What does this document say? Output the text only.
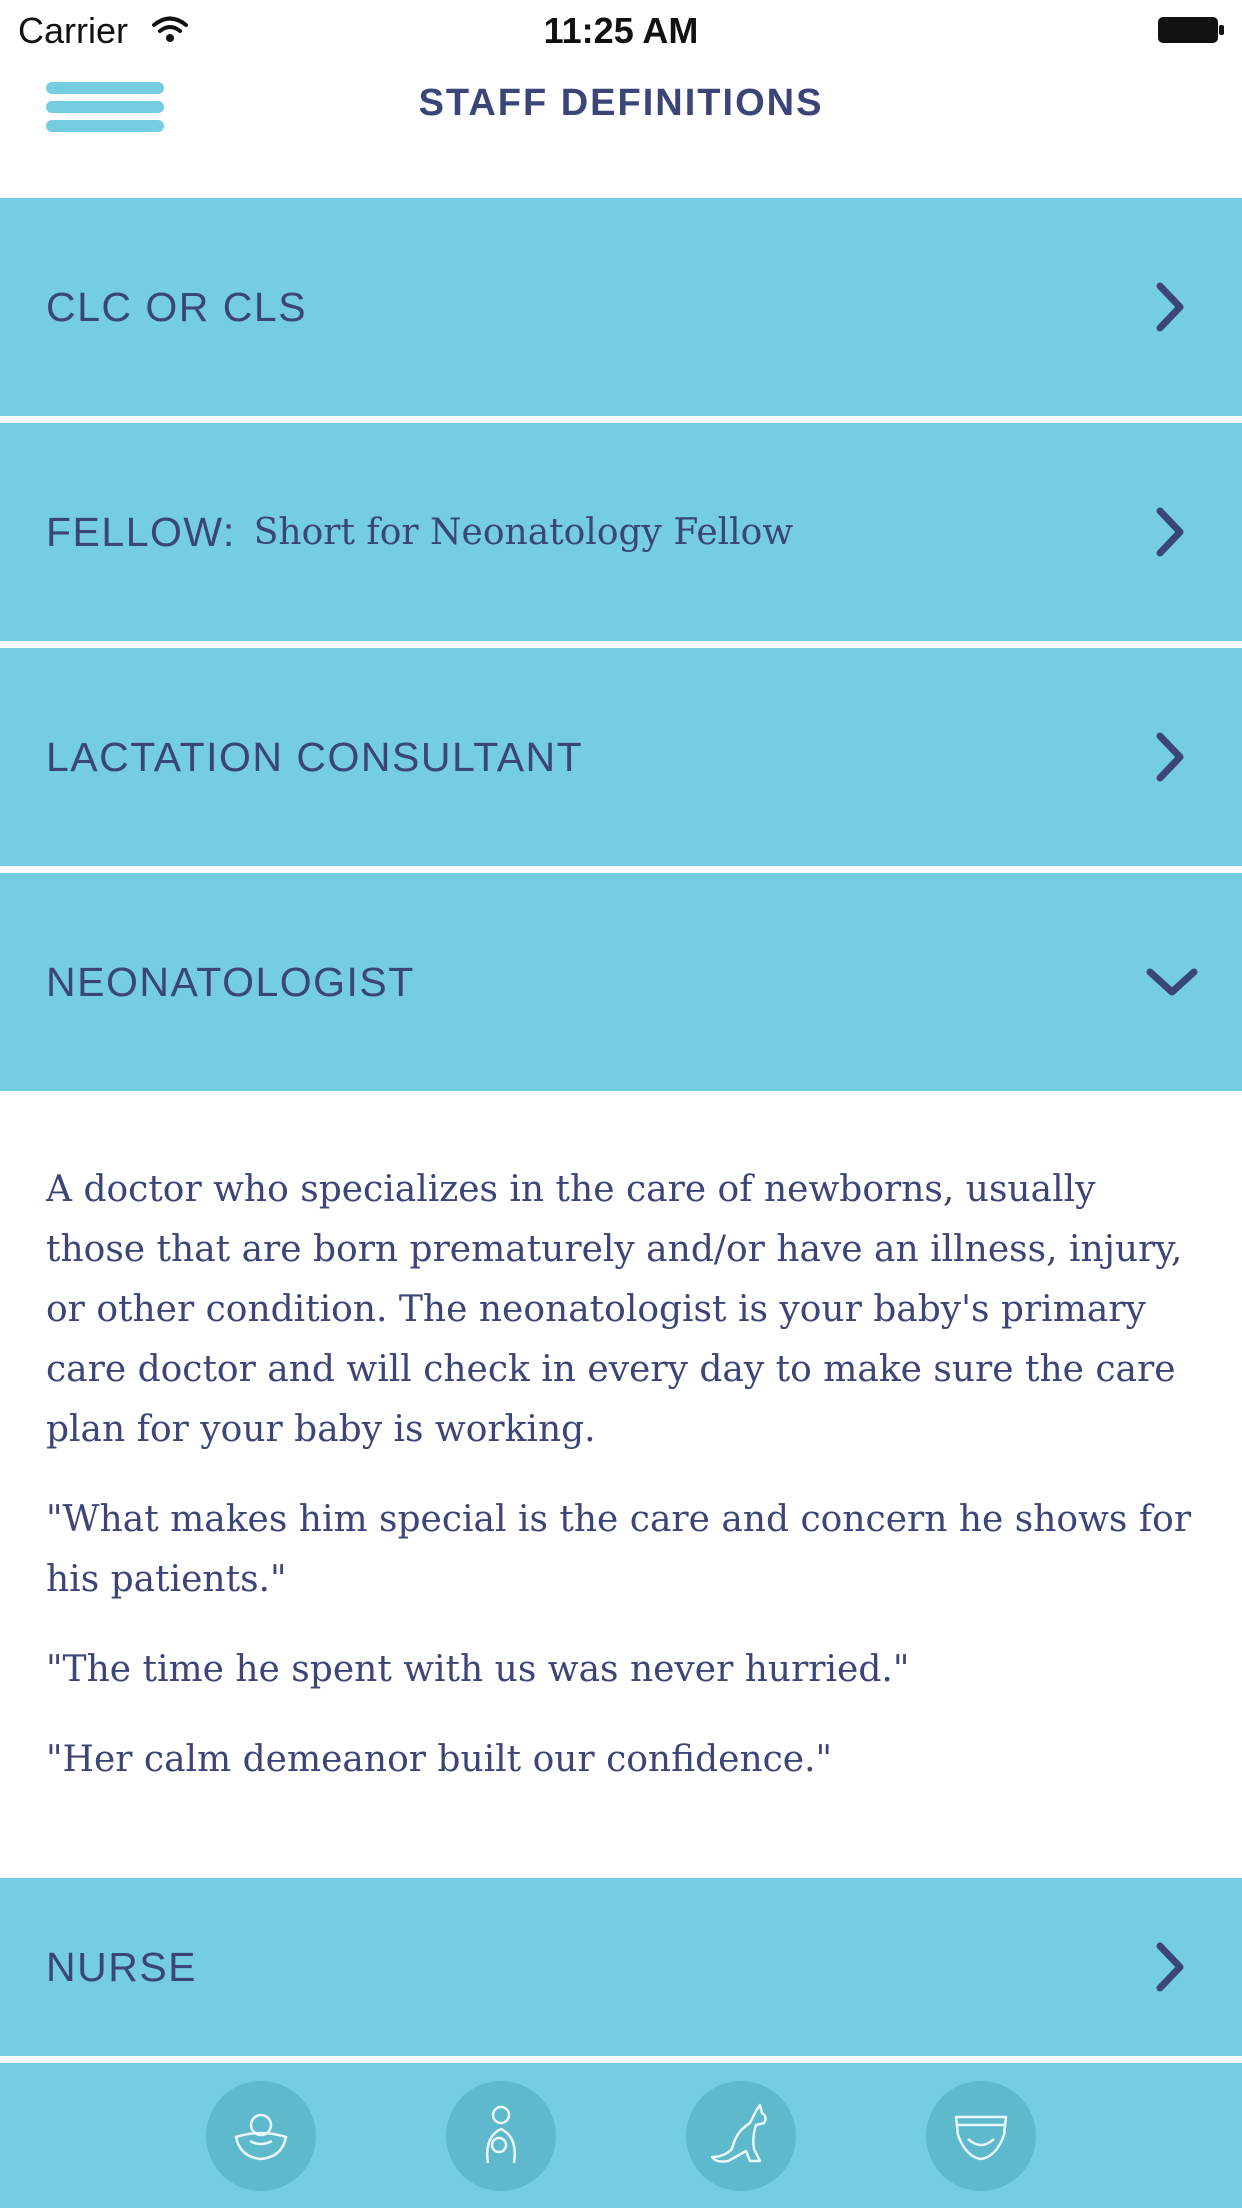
Carrier	11:25 AM
STAFF DEFINITIONS
CLC OR CLS
FELLOW: Short for Neonatology Fellow
LACTATION CONSULTANT
NEONATOLOGIST

A doctor who specializes in the care of newborns, usually those that are born prematurely and/or have an illness, injury, or other condition. The neonatologist is your baby's primary care doctor and will check in every day to make sure the care plan for your baby is working.

"What makes him special is the care and concern he shows for his patients."

"The time he spent with us was never hurried."

"Her calm demeanor built our confidence."

NURSE
